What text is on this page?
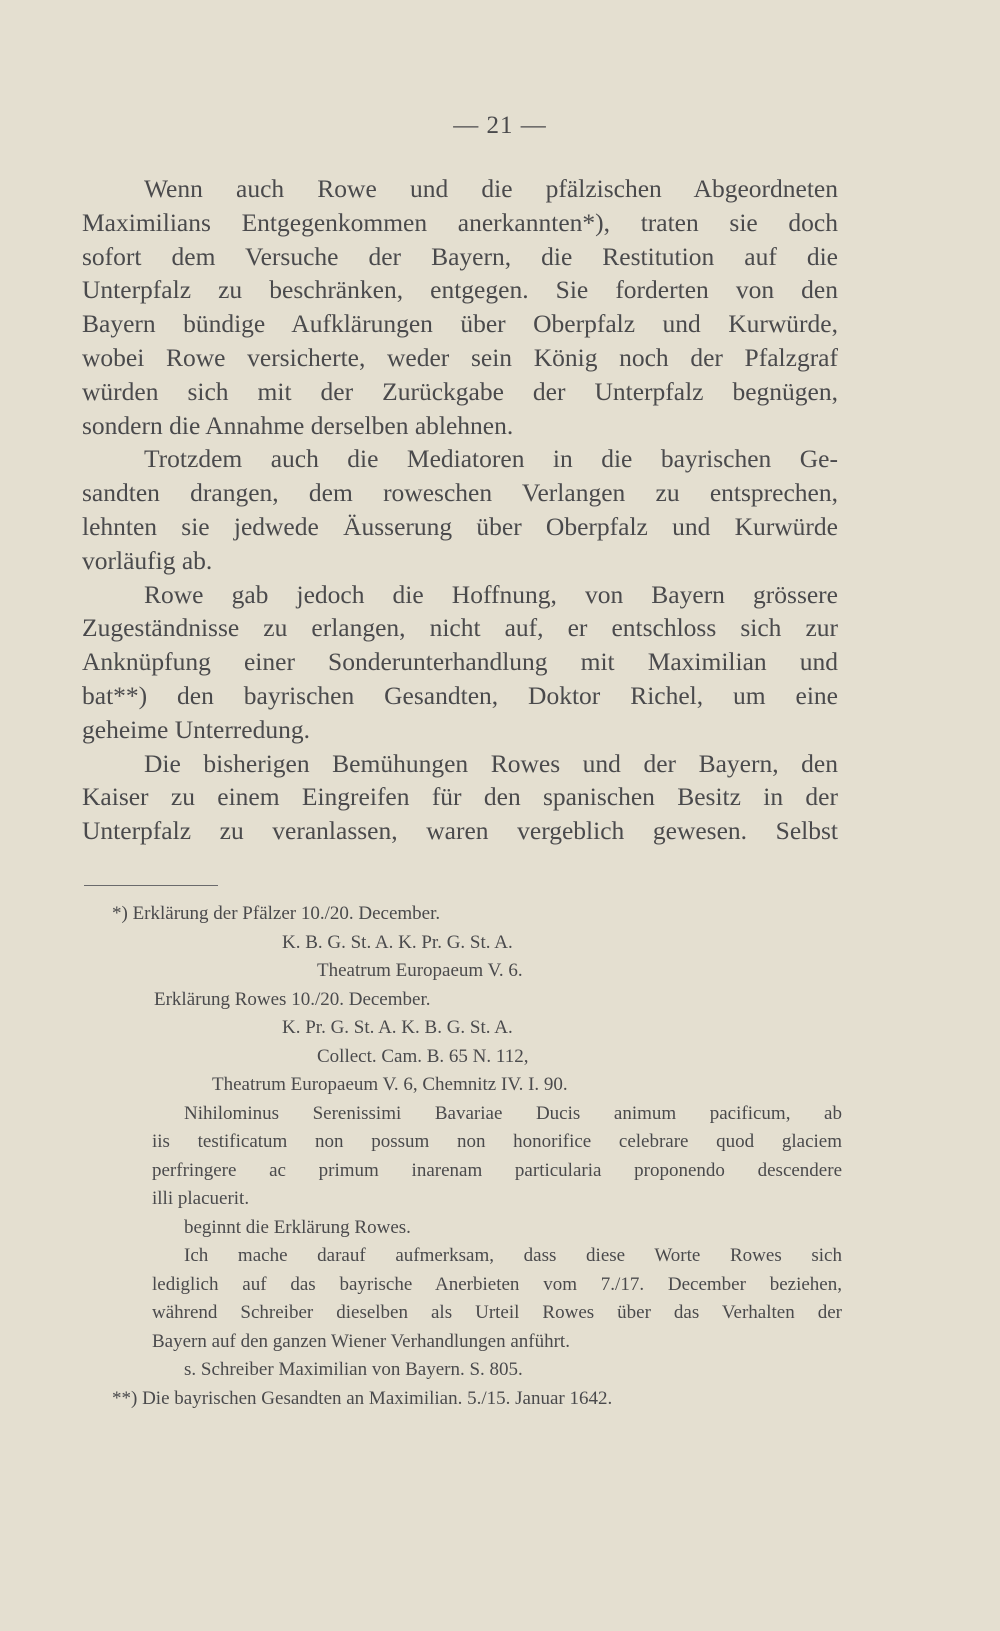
— 21 —
Wenn auch Rowe und die pfälzischen Abgeordneten
Maximilians Entgegenkommen anerkannten*), traten sie doch
sofort dem Versuche der Bayern, die Restitution auf die
Unterpfalz zu beschränken, entgegen. Sie forderten von den
Bayern bündige Aufklärungen über Oberpfalz und Kurwürde,
wobei Rowe versicherte, weder sein König noch der Pfalzgraf
würden sich mit der Zurückgabe der Unterpfalz begnügen,
sondern die Annahme derselben ablehnen.
Trotzdem auch die Mediatoren in die bayrischen Ge-
sandten drangen, dem roweschen Verlangen zu entsprechen,
lehnten sie jedwede Äusserung über Oberpfalz und Kurwürde
vorläufig ab.
Rowe gab jedoch die Hoffnung, von Bayern grössere
Zugeständnisse zu erlangen, nicht auf, er entschloss sich zur
Anknüpfung einer Sonderunterhandlung mit Maximilian und
bat**) den bayrischen Gesandten, Doktor Richel, um eine
geheime Unterredung.
Die bisherigen Bemühungen Rowes und der Bayern, den
Kaiser zu einem Eingreifen für den spanischen Besitz in der
Unterpfalz zu veranlassen, waren vergeblich gewesen. Selbst
*) Erklärung der Pfälzer 10./20. December.
K. B. G. St. A. K. Pr. G. St. A.
Theatrum Europaeum V. 6.
Erklärung Rowes 10./20. December.
K. Pr. G. St. A. K. B. G. St. A.
Collect. Cam. B. 65 N. 112,
Theatrum Europaeum V. 6, Chemnitz IV. I. 90.
Nihilominus Serenissimi Bavariae Ducis animum pacificum, ab
iis testificatum non possum non honorifice celebrare quod glaciem
perfringere ac primum inarenam particularia proponendo descendere
illi placuerit.
beginnt die Erklärung Rowes.
Ich mache darauf aufmerksam, dass diese Worte Rowes sich
lediglich auf das bayrische Anerbieten vom 7./17. December beziehen,
während Schreiber dieselben als Urteil Rowes über das Verhalten der
Bayern auf den ganzen Wiener Verhandlungen anführt.
s. Schreiber Maximilian von Bayern. S. 805.
**) Die bayrischen Gesandten an Maximilian. 5./15. Januar 1642.
